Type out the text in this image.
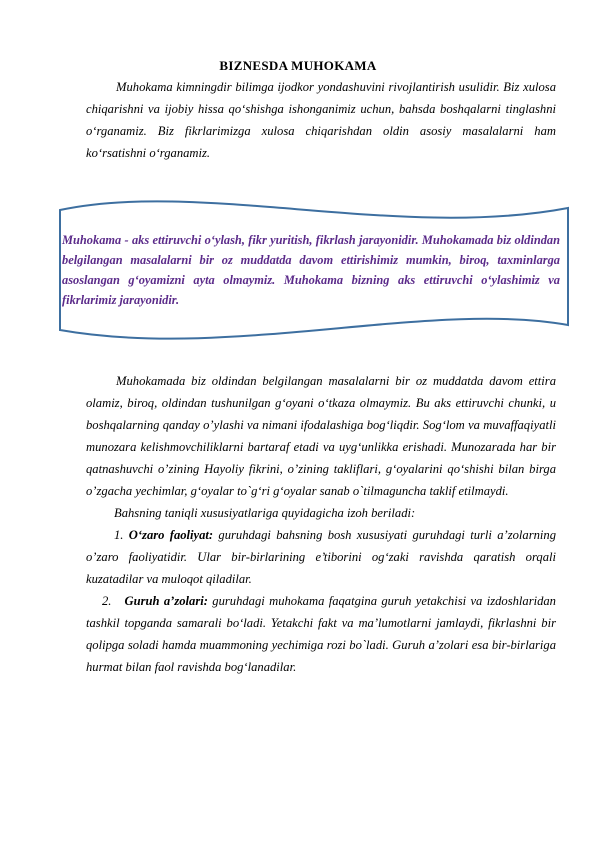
BIZNESDA MUHOKAMA
Muhokama kimningdir bilimga ijodkor yondashuvini rivojlantirish usulidir. Biz xulosa chiqarishni va ijobiy hissa qo‘shishga ishonganimiz uchun, bahsda boshqalarni tinglashni o‘rganamiz. Biz fikrlarimizga xulosa chiqarishdan oldin asosiy masalalarni ham ko‘rsatishni o‘rganamiz.
Muhokama - aks ettiruvchi o‘ylash, fikr yuritish, fikrlash jarayonidir. Muhokamada biz oldindan belgilangan masalalarni bir oz muddatda davom ettirishimiz mumkin, biroq, taxminlarga asoslangan g‘oyamizni ayta olmaymiz. Muhokama bizning aks ettiruvchi o‘ylashimiz va fikrlarimiz jarayonidir.
Muhokamada biz oldindan belgilangan masalalarni bir oz muddatda davom ettira olamiz, biroq, oldindan tushunilgan g‘oyani o‘tkaza olmaymiz. Bu aks ettiruvchi chunki, u boshqalarning qanday o’ylashi va nimani ifodalashiga bog‘liqdir. Sog‘lom va muvaffaqiyatli munozara kelishmovchiliklarni bartaraf etadi va uyg‘unlikka erishadi. Munozarada har bir qatnashuvchi o’zining Hayoliy fikrini, o’zining takliflari, g‘oyalarini qo‘shishi bilan birga o’zgacha yechimlar, g‘oyalar to`g‘ri g‘oyalar sanab o`tilmaguncha taklif etilmaydi.
Bahsning taniqli xususiyatlariga quyidagicha izoh beriladi:
1. O‘zaro faoliyat: guruhdagi bahsning bosh xususiyati guruhdagi turli a’zolarning o’zaro faoliyatidir. Ular bir-birlarining e’tiborini og‘zaki ravishda qaratish orqali kuzatadilar va muloqot qiladilar.
2. Guruh a’zolari: guruhdagi muhokama faqatgina guruh yetakchisi va izdoshlaridan tashkil topganda samarali bo‘ladi. Yetakchi fakt va ma’lumotlarni jamlaydi, fikrlashni bir qolipga soladi hamda muammoning yechimiga rozi bo`ladi. Guruh a’zolari esa bir-birlariga hurmat bilan faol ravishda bog‘lanadilar.
